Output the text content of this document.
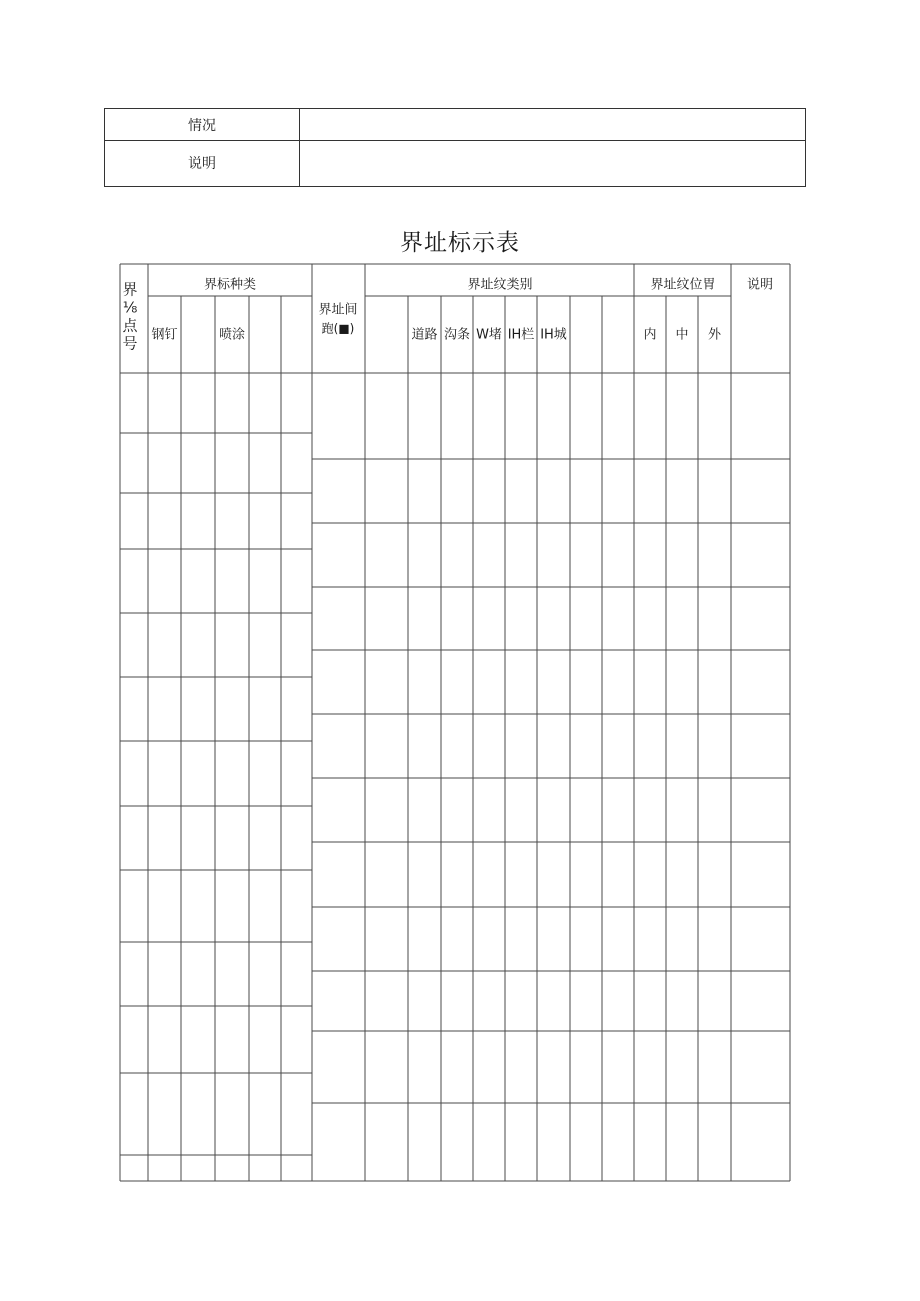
情况
说明
界址标示表
界
⅛
点
号
界标种类
钢钉	喷涂
界址间
跑(■)
界址纹类别
道路 沟条 W堵 IH栏 IH城
界址纹位胃
内 中 外
说明
